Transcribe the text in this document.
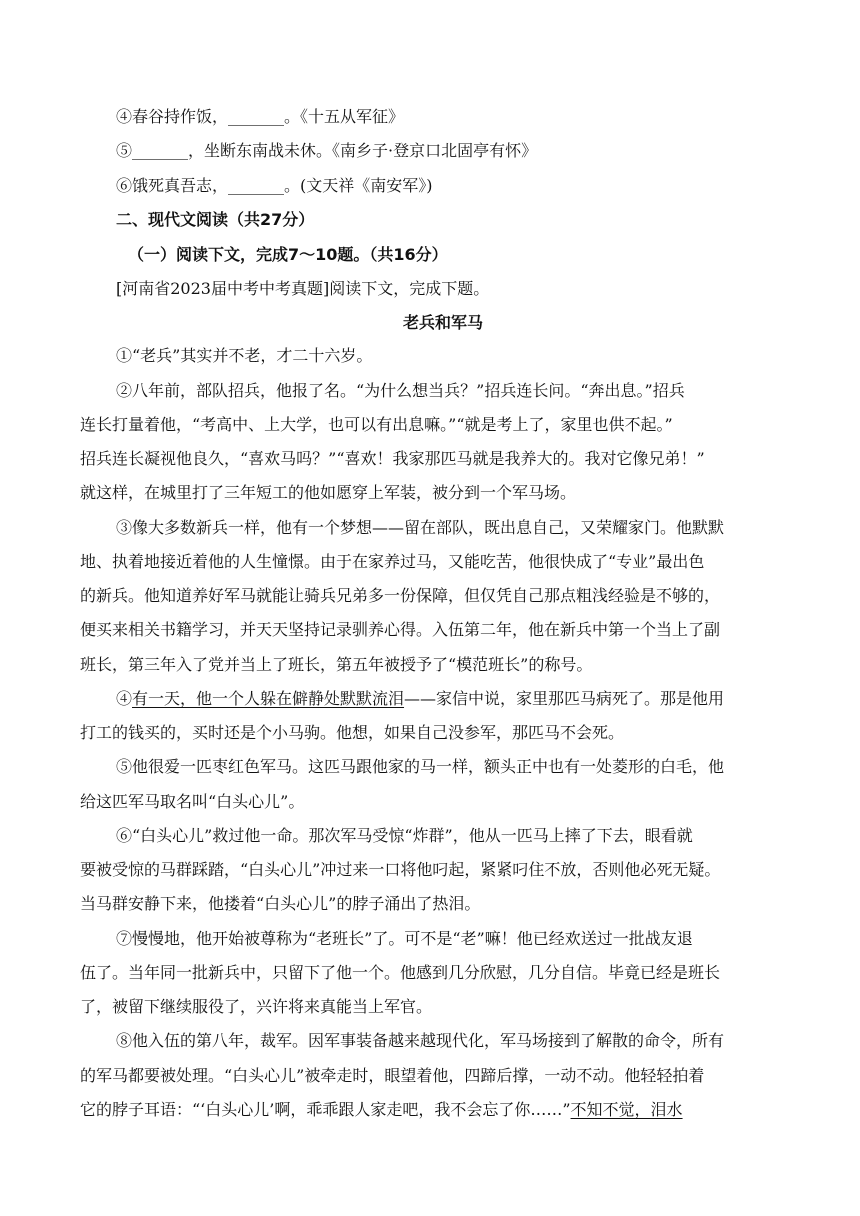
④春谷持作饭，_______。《十五从军征》
⑤_______，坐断东南战未休。《南乡子·登京口北固亭有怀》
⑥饿死真吾志，_______。(文天祥《南安军》)
二、现代文阅读（共27分）
（一）阅读下文，完成7～10题。（共16分）
[河南省2023届中考中考真题]阅读下文，完成下题。
老兵和军马
①“老兵”其实并不老，才二十六岁。
②八年前，部队招兵，他报了名。“为什么想当兵？”招兵连长问。“奔出息。”招兵
连长打量着他，“考高中、上大学，也可以有出息嘛。”“就是考上了，家里也供不起。”
招兵连长凝视他良久，“喜欢马吗？”“喜欢！我家那匹马就是我养大的。我对它像兄弟！”
就这样，在城里打了三年短工的他如愿穿上军装，被分到一个军马场。
③像大多数新兵一样，他有一个梦想——留在部队，既出息自己，又荣耀家门。他默默
地、执着地接近着他的人生憧憬。由于在家养过马，又能吃苦，他很快成了“专业”最出色
的新兵。他知道养好军马就能让骑兵兄弟多一份保障，但仅凭自己那点粗浅经验是不够的，
便买来相关书籍学习，并天天坚持记录驯养心得。入伍第二年，他在新兵中第一个当上了副
班长，第三年入了党并当上了班长，第五年被授予了“模范班长”的称号。
④有一天，他一个人躲在僻静处默默流泪——家信中说，家里那匹马病死了。那是他用
打工的钱买的，买时还是个小马驹。他想，如果自己没参军，那匹马不会死。
⑤他很爱一匹枣红色军马。这匹马跟他家的马一样，额头正中也有一处菱形的白毛，他
给这匹军马取名叫“白头心儿”。
⑥“白头心儿”救过他一命。那次军马受惊“炸群”，他从一匹马上摔了下去，眼看就
要被受惊的马群踩踏，“白头心儿”冲过来一口将他叼起，紧紧叼住不放，否则他必死无疑。
当马群安静下来，他搂着“白头心儿”的脖子涌出了热泪。
⑦慢慢地，他开始被尊称为“老班长”了。可不是“老”嘛！他已经欢送过一批战友退
伍了。当年同一批新兵中，只留下了他一个。他感到几分欣慰，几分自信。毕竟已经是班长
了，被留下继续服役了，兴许将来真能当上军官。
⑧他入伍的第八年，裁军。因军事装备越来越现代化，军马场接到了解散的命令，所有
的军马都要被处理。“白头心儿”被牵走时，眼望着他，四蹄后撑，一动不动。他轻轻拍着
它的脖子耳语：“‘白头心儿’啊，乖乖跟人家走吧，我不会忘了你……”不知不觉，泪水
